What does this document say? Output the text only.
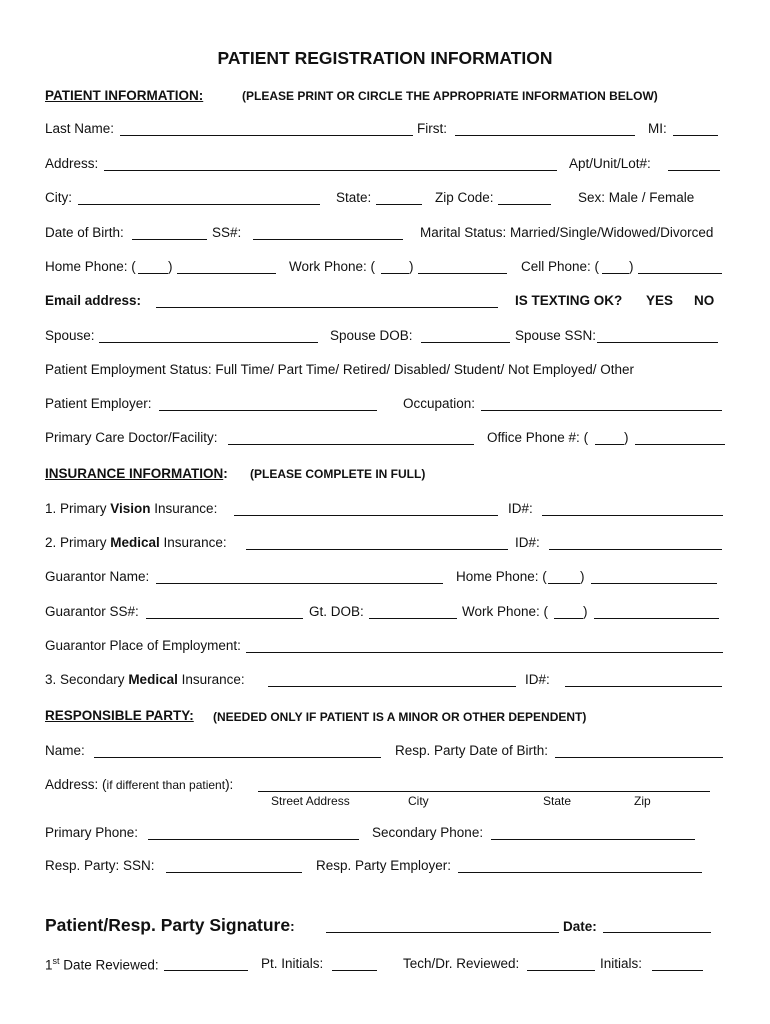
PATIENT REGISTRATION INFORMATION
PATIENT INFORMATION:	(PLEASE PRINT OR CIRCLE THE APPROPRIATE INFORMATION BELOW)
Last Name:	First:	MI:
Address:	Apt/Unit/Lot#:
City:	State:	Zip Code:	Sex: Male / Female
Date of Birth:	SS#:	Marital Status: Married/Single/Widowed/Divorced
Home Phone: ( )	Work Phone: (	)	Cell Phone: ( )
Email address:	IS TEXTING OK? YES NO
Spouse:	Spouse DOB:	Spouse SSN:
Patient Employment Status: Full Time/ Part Time/ Retired/ Disabled/ Student/ Not Employed/ Other
Patient Employer:	Occupation:
Primary Care Doctor/Facility:	Office Phone #: (	)
INSURANCE INFORMATION: (PLEASE COMPLETE IN FULL)
1. Primary Vision Insurance:	ID#:
2. Primary Medical Insurance:	ID#:
Guarantor Name:	Home Phone: ( )
Guarantor SS#:	Gt. DOB:	Work Phone: (	)
Guarantor Place of Employment:
3. Secondary Medical Insurance:	ID#:
RESPONSIBLE PARTY: (NEEDED ONLY IF PATIENT IS A MINOR OR OTHER DEPENDENT)
Name:	Resp. Party Date of Birth:
Address: (if different than patient):
Street Address	City	State	Zip
Primary Phone:	Secondary Phone:
Resp. Party: SSN:	Resp. Party Employer:
Patient/Resp. Party Signature:	Date:
1st Date Reviewed:	Pt. Initials:	Tech/Dr. Reviewed:	Initials:
